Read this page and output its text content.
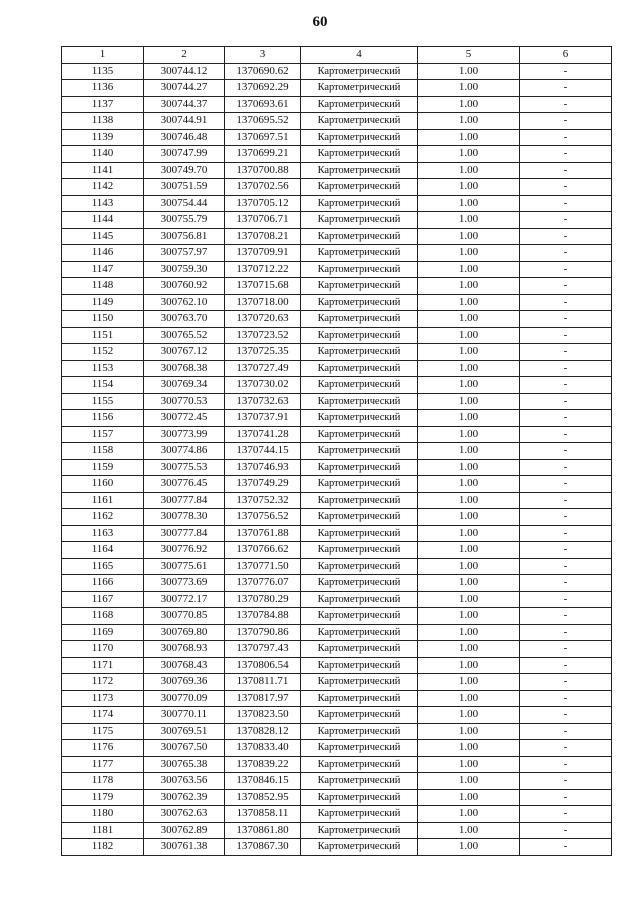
60
1	2	3	4	5	6
1135	300744.12	1370690.62	Картометрический	1.00	-
1136	300744.27	1370692.29	Картометрический	1.00	-
1137	300744.37	1370693.61	Картометрический	1.00	-
1138	300744.91	1370695.52	Картометрический	1.00	-
1139	300746.48	1370697.51	Картометрический	1.00	-
1140	300747.99	1370699.21	Картометрический	1.00	-
1141	300749.70	1370700.88	Картометрический	1.00	-
1142	300751.59	1370702.56	Картометрический	1.00	-
1143	300754.44	1370705.12	Картометрический	1.00	-
1144	300755.79	1370706.71	Картометрический	1.00	-
1145	300756.81	1370708.21	Картометрический	1.00	-
1146	300757.97	1370709.91	Картометрический	1.00	-
1147	300759.30	1370712.22	Картометрический	1.00	-
1148	300760.92	1370715.68	Картометрический	1.00	-
1149	300762.10	1370718.00	Картометрический	1.00	-
1150	300763.70	1370720.63	Картометрический	1.00	-
1151	300765.52	1370723.52	Картометрический	1.00	-
1152	300767.12	1370725.35	Картометрический	1.00	-
1153	300768.38	1370727.49	Картометрический	1.00	-
1154	300769.34	1370730.02	Картометрический	1.00	-
1155	300770.53	1370732.63	Картометрический	1.00	-
1156	300772.45	1370737.91	Картометрический	1.00	-
1157	300773.99	1370741.28	Картометрический	1.00	-
1158	300774.86	1370744.15	Картометрический	1.00	-
1159	300775.53	1370746.93	Картометрический	1.00	-
1160	300776.45	1370749.29	Картометрический	1.00	-
1161	300777.84	1370752.32	Картометрический	1.00	-
1162	300778.30	1370756.52	Картометрический	1.00	-
1163	300777.84	1370761.88	Картометрический	1.00	-
1164	300776.92	1370766.62	Картометрический	1.00	-
1165	300775.61	1370771.50	Картометрический	1.00	-
1166	300773.69	1370776.07	Картометрический	1.00	-
1167	300772.17	1370780.29	Картометрический	1.00	-
1168	300770.85	1370784.88	Картометрический	1.00	-
1169	300769.80	1370790.86	Картометрический	1.00	-
1170	300768.93	1370797.43	Картометрический	1.00	-
1171	300768.43	1370806.54	Картометрический	1.00	-
1172	300769.36	1370811.71	Картометрический	1.00	-
1173	300770.09	1370817.97	Картометрический	1.00	-
1174	300770.11	1370823.50	Картометрический	1.00	-
1175	300769.51	1370828.12	Картометрический	1.00	-
1176	300767.50	1370833.40	Картометрический	1.00	-
1177	300765.38	1370839.22	Картометрический	1.00	-
1178	300763.56	1370846.15	Картометрический	1.00	-
1179	300762.39	1370852.95	Картометрический	1.00	-
1180	300762.63	1370858.11	Картометрический	1.00	-
1181	300762.89	1370861.80	Картометрический	1.00	-
1182	300761.38	1370867.30	Картометрический	1.00	-
